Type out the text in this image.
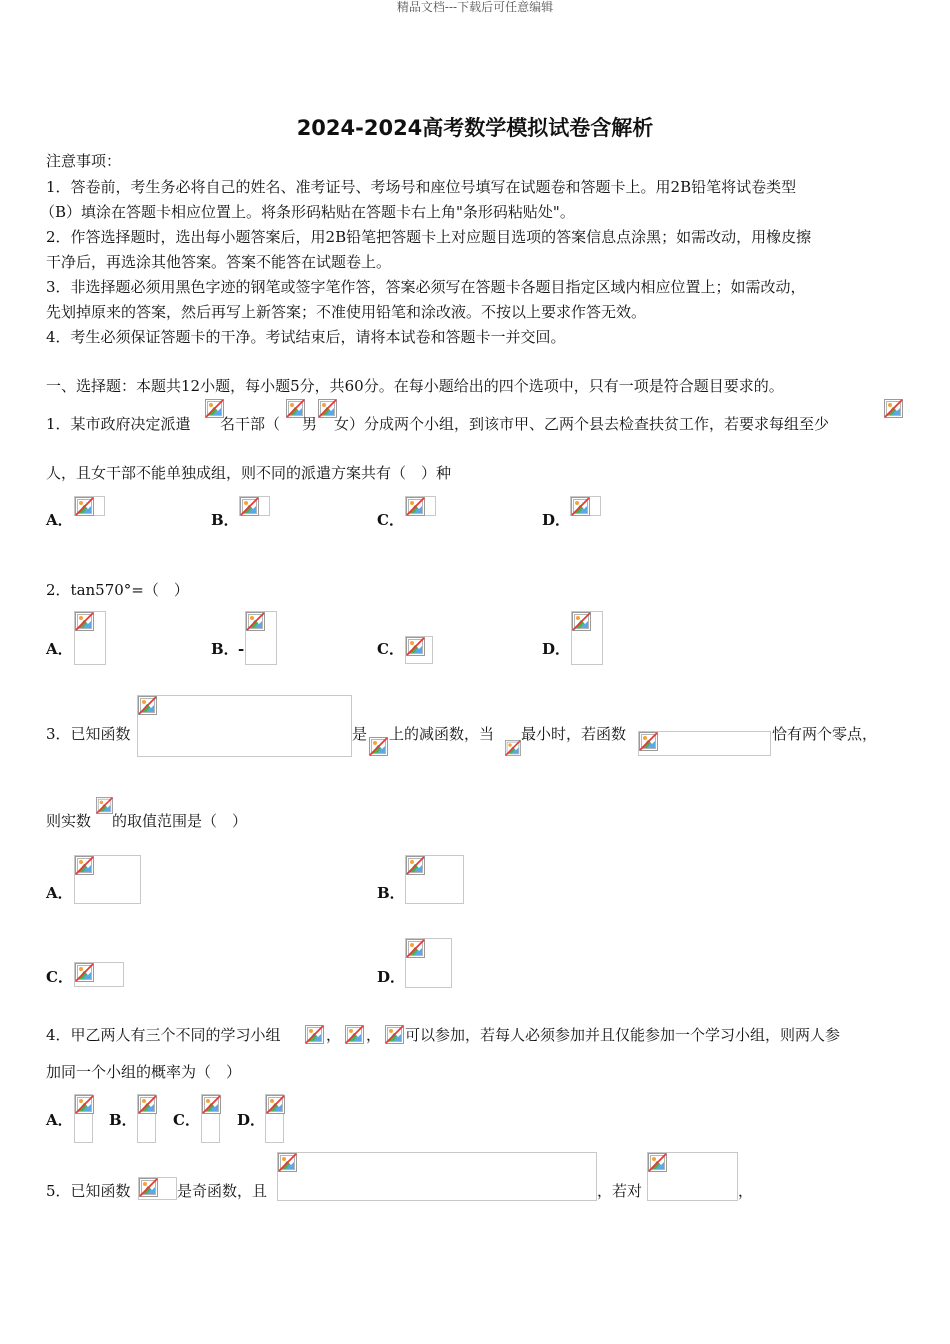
精品文档---下载后可任意编辑
2024-2024高考数学模拟试卷含解析
注意事项：
1．答卷前，考生务必将自己的姓名、准考证号、考场号和座位号填写在试题卷和答题卡上。用2B铅笔将试卷类型
（B）填涂在答题卡相应位置上。将条形码粘贴在答题卡右上角"条形码粘贴处"。
2．作答选择题时，选出每小题答案后，用2B铅笔把答题卡上对应题目选项的答案信息点涂黑；如需改动，用橡皮擦
干净后，再选涂其他答案。答案不能答在试题卷上。
3．非选择题必须用黑色字迹的钢笔或签字笔作答，答案必须写在答题卡各题目指定区域内相应位置上；如需改动，
先划掉原来的答案，然后再写上新答案；不准使用铅笔和涂改液。不按以上要求作答无效。
4．考生必须保证答题卡的干净。考试结束后，请将本试卷和答题卡一并交回。
一、选择题：本题共12小题，每小题5分，共60分。在每小题给出的四个选项中，只有一项是符合题目要求的。
1．某市政府决定派遣 名干部（ 男 女）分成两个小组，到该市甲、乙两个县去检查扶贫工作，若要求每组至少
人，且女干部不能单独成组，则不同的派遣方案共有（　）种
A．	B．	C．	D．
2．tan570°=（　）
A．	B． -	C．	D．
3．已知函数	是 上的减函数，当 最小时，若函数	恰有两个零点，
则实数 的取值范围是（　）
A．	B．
C．	D．
4．甲乙两人有三个不同的学习小组	， ， 可以参加，若每人必须参加并且仅能参加一个学习小组，则两人参
加同一个小组的概率为（　）
A． B． C． D．
5．已知函数	是奇函数，且	，若对	，
